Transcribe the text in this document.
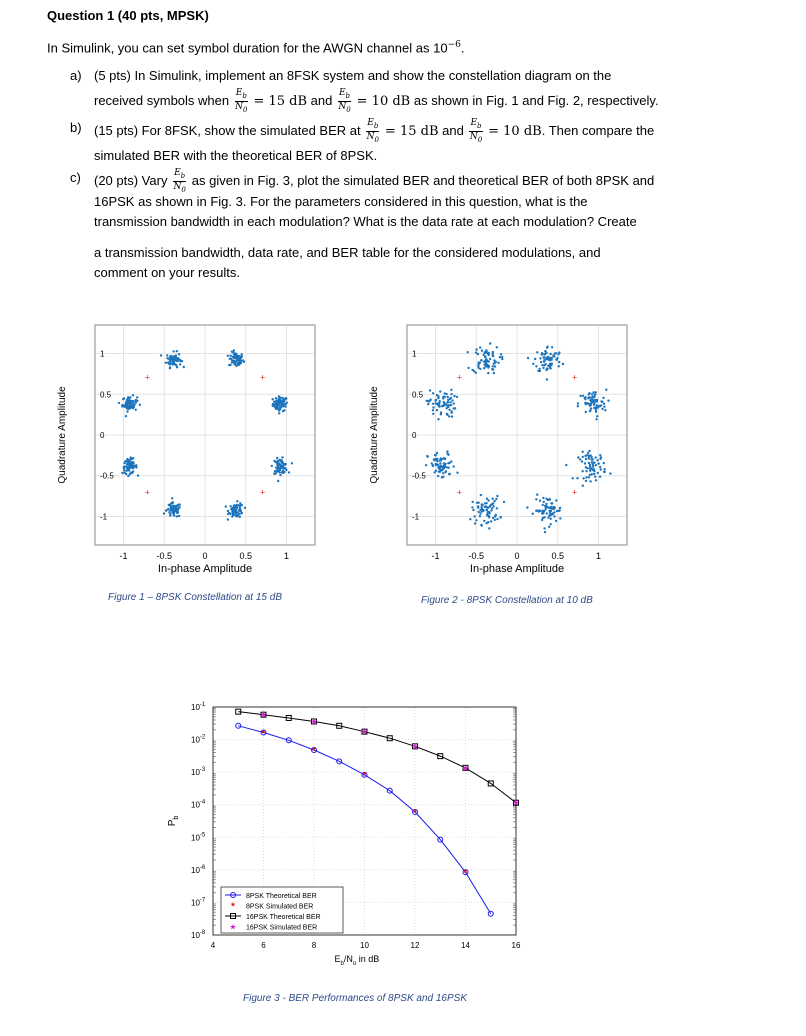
Question 1 (40 pts, MPSK)
In Simulink, you can set symbol duration for the AWGN channel as $10^{-6}$.
a) (5 pts) In Simulink, implement an 8FSK system and show the constellation diagram on the
received symbols when $\frac{E_b}{N_0} = 15$ dB and $\frac{E_b}{N_0} = 10$ dB as shown in Fig. 1 and Fig. 2, respectively.
b) (15 pts) For 8FSK, show the simulated BER at $\frac{E_b}{N_0} = 15$ dB and $\frac{E_b}{N_0} = 10$ dB. Then compare the
simulated BER with the theoretical BER of 8PSK.
c)	(20 pts) Vary $\frac{E_b}{N_0}$ as given in Fig. 3, plot the simulated BER and theoretical BER of both 8PSK and
16PSK as shown in Fig. 3. For the parameters considered in this question, what is the
transmission bandwidth in each modulation? What is the data rate at each modulation? Create
a transmission bandwidth, data rate, and BER table for the considered modulations, and
comment on your results.
-1	-0.5	0	0.5	1
1
0.5
0
-0.5
-1
In-phase Amplitude
Quadrature Amplitude
+
+
+	+
Figure 1 – 8PSK Constellation at 15 dB
-1	-0.5	0	0.5	1
1
0.5
0
-0.5
-1
In-phase Amplitude
Quadrature Amplitude
+
+
+	+
Figure 2 - 8PSK Constellation at 10 dB
4	6	8	10	12	14	16
$10^{-1}$
$10^{-2}$
$10^{-3}$
$10^{-4}$
$10^{-5}$
$10^{-6}$
$10^{-7}$
$10^{-8}$
$P_b$
$E_b/N_o$ in dB
*
*
*
*
*
★
★
★
★
★
★
8PSK Theoretical BER
* 8PSK Simulated BER
16PSK Theoretical BER
★ 16PSK Simulated BER
Figure 3 - BER Performances of 8PSK and 16PSK
